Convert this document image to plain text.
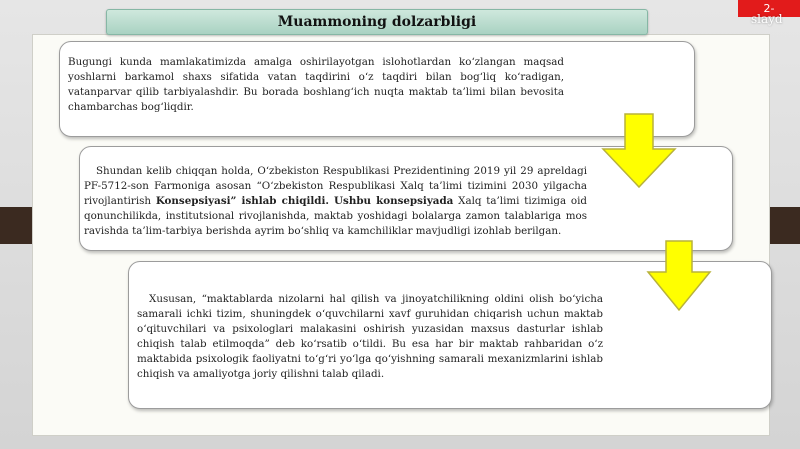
Muammoning dolzarbligi
2-
slayd

Bugungi kunda mamlakatimizda amalga oshirilayotgan islohotlardan ko‘zlangan maqsad yoshlarni barkamol shaxs sifatida vatan taqdirini o‘z taqdiri bilan bog‘liq ko‘radigan, vatanparvar qilib tarbiyalashdir. Bu borada boshlang‘ich nuqta maktab ta’limi bilan bevosita chambarchas bog‘liqdir.

Shundan kelib chiqqan holda, O‘zbekiston Respublikasi Prezidentining 2019 yil 29 apreldagi PF-5712-son Farmoniga asosan “O‘zbekiston Respublikasi Xalq ta’limi tizimini 2030 yilgacha rivojlantirish Konsepsiyasi” ishlab chiqildi. Ushbu konsepsiyada Xalq ta’limi tizimiga oid qonunchilikda, institutsional rivojlanishda, maktab yoshidagi bolalarga zamon talablariga mos ravishda ta’lim-tarbiya berishda ayrim bo‘shliq va kamchiliklar mavjudligi izohlab berilgan.

Xususan, “maktablarda nizolarni hal qilish va jinoyatchilikning oldini olish bo‘yicha samarali ichki tizim, shuningdek o‘quvchilarni xavf guruhidan chiqarish uchun maktab o‘qituvchilari va psixologlari malakasini oshirish yuzasidan maxsus dasturlar ishlab chiqish talab etilmoqda” deb ko‘rsatib o‘tildi. Bu esa har bir maktab rahbaridan o‘z maktabida psixologik faoliyatni to‘g‘ri yo‘lga qo‘yishning samarali mexanizmlarini ishlab chiqish va amaliyotga joriy qilishni talab qiladi.
